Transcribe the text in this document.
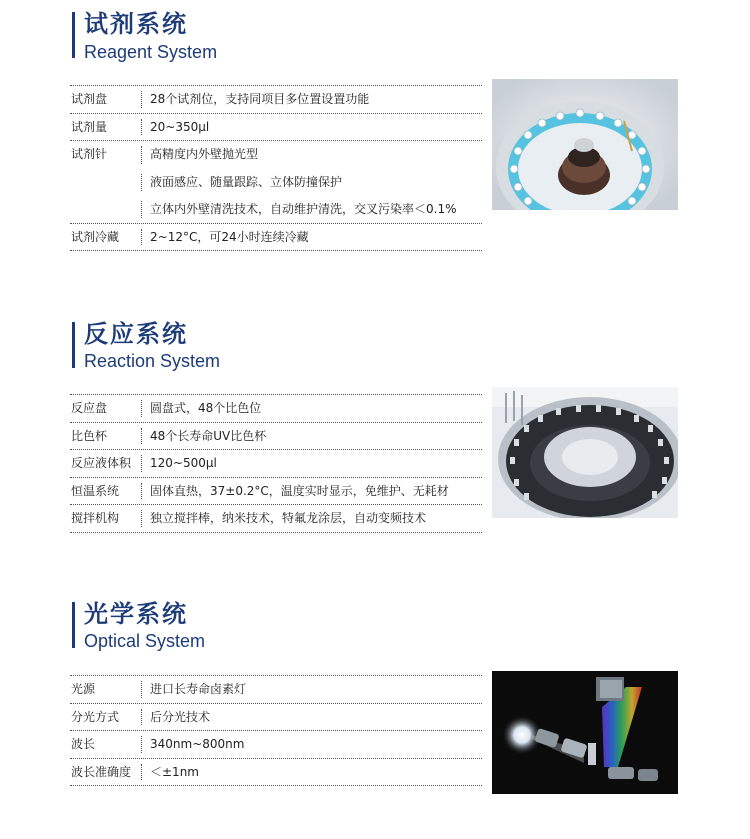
试剂系统
Reagent System
试剂盘	28个试剂位，支持同项目多位置设置功能
试剂量	20~350μl
试剂针	高精度内外壁抛光型
液面感应、随量跟踪、立体防撞保护
立体内外壁清洗技术，自动维护清洗，交叉污染率＜0.1%
试剂冷藏	2~12°C，可24小时连续冷藏
反应系统
Reaction System
反应盘	圆盘式，48个比色位
比色杯	48个长寿命UV比色杯
反应液体积	120~500μl
恒温系统	固体直热，37±0.2°C，温度实时显示，免维护、无耗材
搅拌机构	独立搅拌棒，纳米技术，特氟龙涂层，自动变频技术
光学系统
Optical System
光源	进口长寿命卤素灯
分光方式	后分光技术
波长	340nm~800nm
波长准确度	＜±1nm
